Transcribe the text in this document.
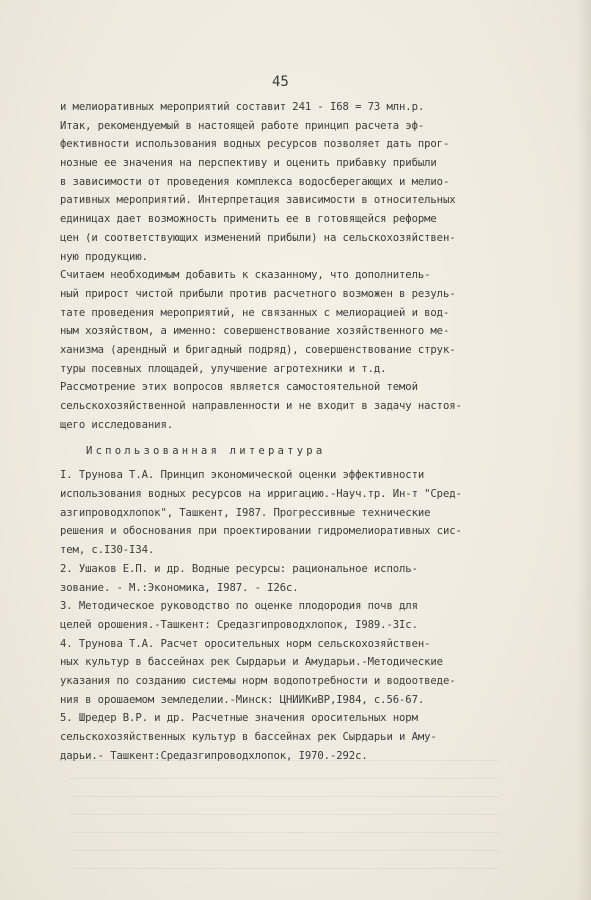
45
и мелиоративных мероприятий составит 241 - I68 = 73 млн.р.
Итак, рекомендуемый в настоящей работе принцип расчета эф-
фективности использования водных ресурсов позволяет дать прог-
нозные ее значения на перспективу и оценить прибавку прибыли
в зависимости от проведения комплекса водосберегающих и мелио-
ративных мероприятий. Интерпретация зависимости в относительных
единицах дает возможность применить ее в готовящейся реформе
цен (и соответствующих изменений прибыли) на сельскохозяйствен-
ную продукцию.
Считаем необходимым добавить к сказанному, что дополнитель-
ный прирост чистой прибыли против расчетного возможен в резуль-
тате проведения мероприятий, не связанных с мелиорацией и вод-
ным хозяйством, а именно: совершенствование хозяйственного ме-
ханизма (арендный и бригадный подряд), совершенствование струк-
туры посевных площадей, улучшение агротехники и т.д.
Рассмотрение этих вопросов является самостоятельной темой
сельскохозяйственной направленности и не входит в задачу настоя-
щего исследования.
Использованная литература
I. Трунова Т.А. Принцип экономической оценки эффективности
использования водных ресурсов на ирригацию.-Науч.тр. Ин-т "Сред-
азгипроводхлопок", Ташкент, I987. Прогрессивные технические
решения и обоснования при проектировании гидромелиоративных сис-
тем, с.I30-I34.
2. Ушаков Е.П. и др. Водные ресурсы: рациональное исполь-
зование. - М.:Экономика, I987. - I26с.
3. Методическое руководство по оценке плодородия почв для
целей орошения.-Ташкент: Средазгипроводхлопок, I989.-3Iс.
4. Трунова Т.А. Расчет оросительных норм сельскохозяйствен-
ных культур в бассейнах рек Сырдарьи и Амударьи.-Методические
указания по созданию системы норм водопотребности и водоотведе-
ния в орошаемом земледелии.-Минск: ЦНИИКиВР,I984, с.56-67.
5. Шредер В.Р. и др. Расчетные значения оросительных норм
сельскохозяйственных культур в бассейнах рек Сырдарьи и Аму-
дарьи.- Ташкент:Средазгипроводхлопок, I970.-292с.
